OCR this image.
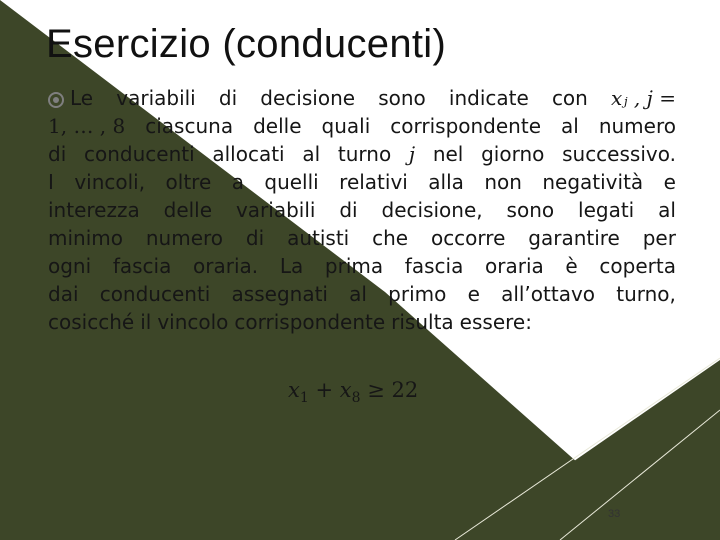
Esercizio (conducenti)
Le variabili di decisione sono indicate con xⱼ , j =
1, … , 8 ciascuna delle quali corrispondente al numero
di conducenti allocati al turno j nel giorno successivo.
I vincoli, oltre a quelli relativi alla non negatività e
interezza delle variabili di decisione, sono legati al
minimo numero di autisti che occorre garantire per
ogni fascia oraria. La prima fascia oraria è coperta
dai conducenti assegnati al primo e all’ottavo turno,
cosicché il vincolo corrispondente risulta essere:
$x_1 + x_8 \ge 22$
33
